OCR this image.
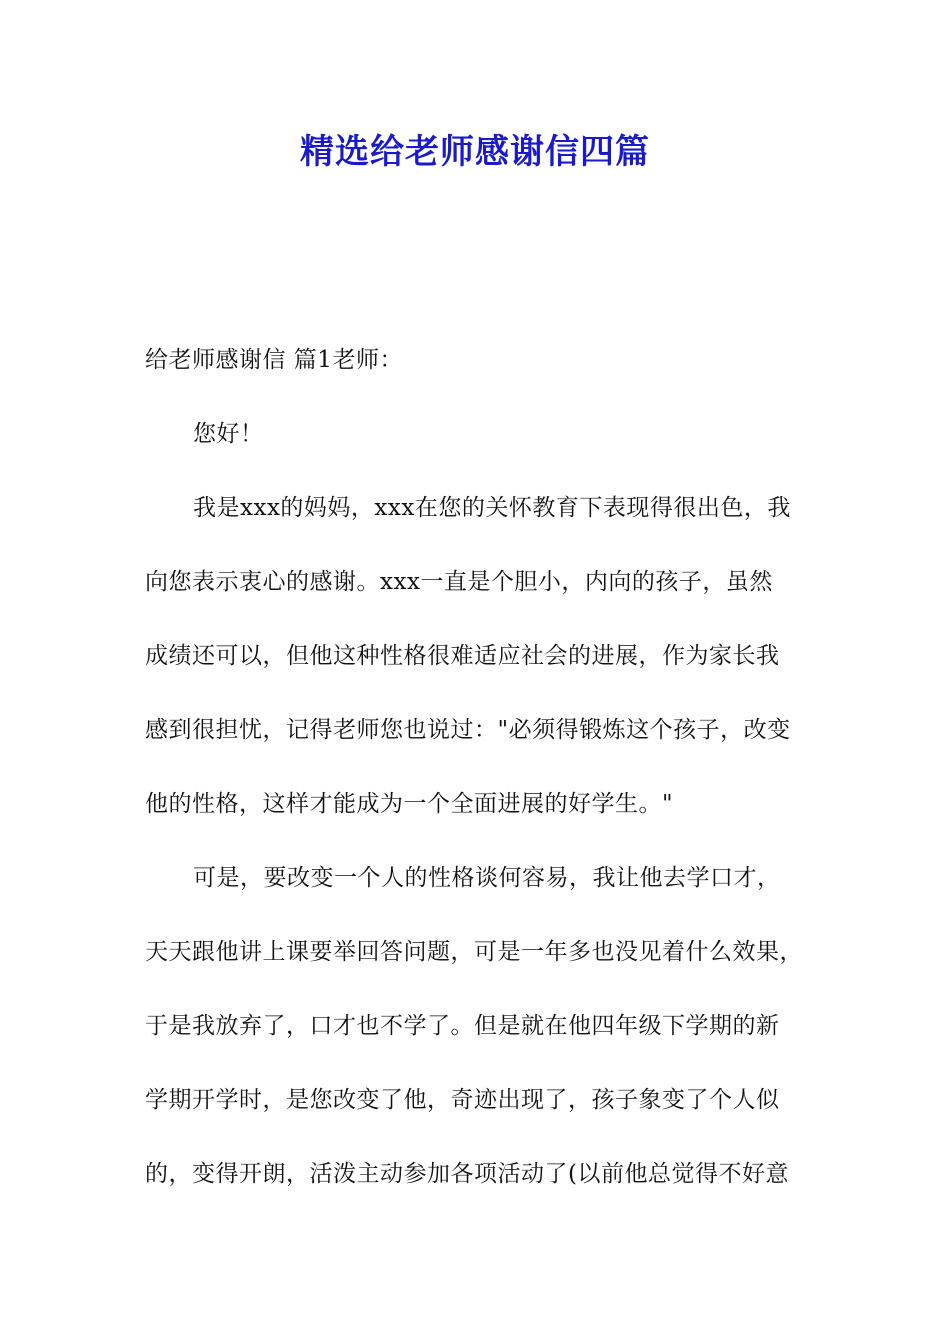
精选给老师感谢信四篇
给老师感谢信 篇1老师：
您好！
我是xxx的妈妈，xxx在您的关怀教育下表现得很出色，我
向您表示衷心的感谢。xxx一直是个胆小，内向的孩子，虽然
成绩还可以，但他这种性格很难适应社会的进展，作为家长我
感到很担忧，记得老师您也说过："必须得锻炼这个孩子，改变
他的性格，这样才能成为一个全面进展的好学生。"
可是，要改变一个人的性格谈何容易，我让他去学口才，
天天跟他讲上课要举回答问题，可是一年多也没见着什么效果，
于是我放弃了，口才也不学了。但是就在他四年级下学期的新
学期开学时，是您改变了他，奇迹出现了，孩子象变了个人似
的，变得开朗，活泼主动参加各项活动了(以前他总觉得不好意
